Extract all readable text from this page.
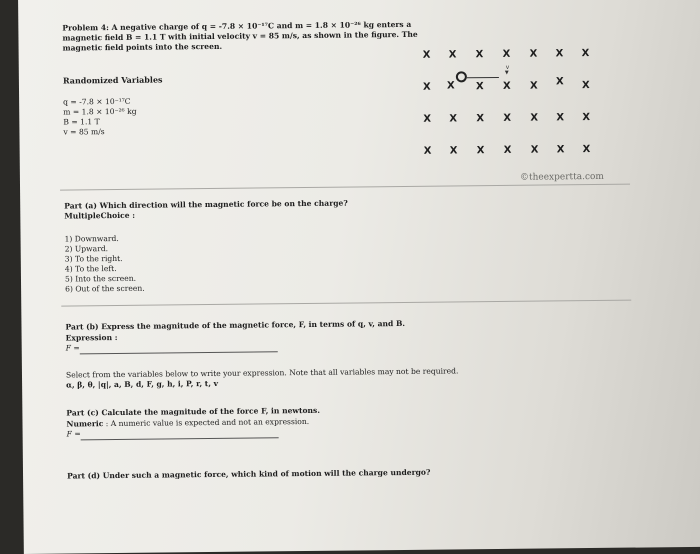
Problem 4: A negative charge of q = -7.8 × 10⁻¹⁷C and m = 1.8 × 10⁻²⁶ kg enters a
magnetic field B = 1.1 T with initial velocity v = 85 m/s, as shown in the figure. The
magnetic field points into the screen.
Randomized Variables
q = -7.8 × 10⁻¹⁷C
m = 1.8 × 10⁻²⁶ kg
B = 1.1 T
v = 85 m/s
X X X X X X X
X X
v
▼
X X X X X
X X X X X X X
X X X X X X X
©theexpertta.com
Part (a) Which direction will the magnetic force be on the charge?
MultipleChoice :
1) Downward.
2) Upward.
3) To the right.
4) To the left.
5) Into the screen.
6) Out of the screen.
Part (b) Express the magnitude of the magnetic force, F, in terms of q, v, and B.
Expression :
F =
Select from the variables below to write your expression. Note that all variables may not be required.
α, β, θ, |q|, a, B, d, F, g, h, i, P, r, t, v
Part (c) Calculate the magnitude of the force F, in newtons.
Numeric : A numeric value is expected and not an expression.
F =
Part (d) Under such a magnetic force, which kind of motion will the charge undergo?
